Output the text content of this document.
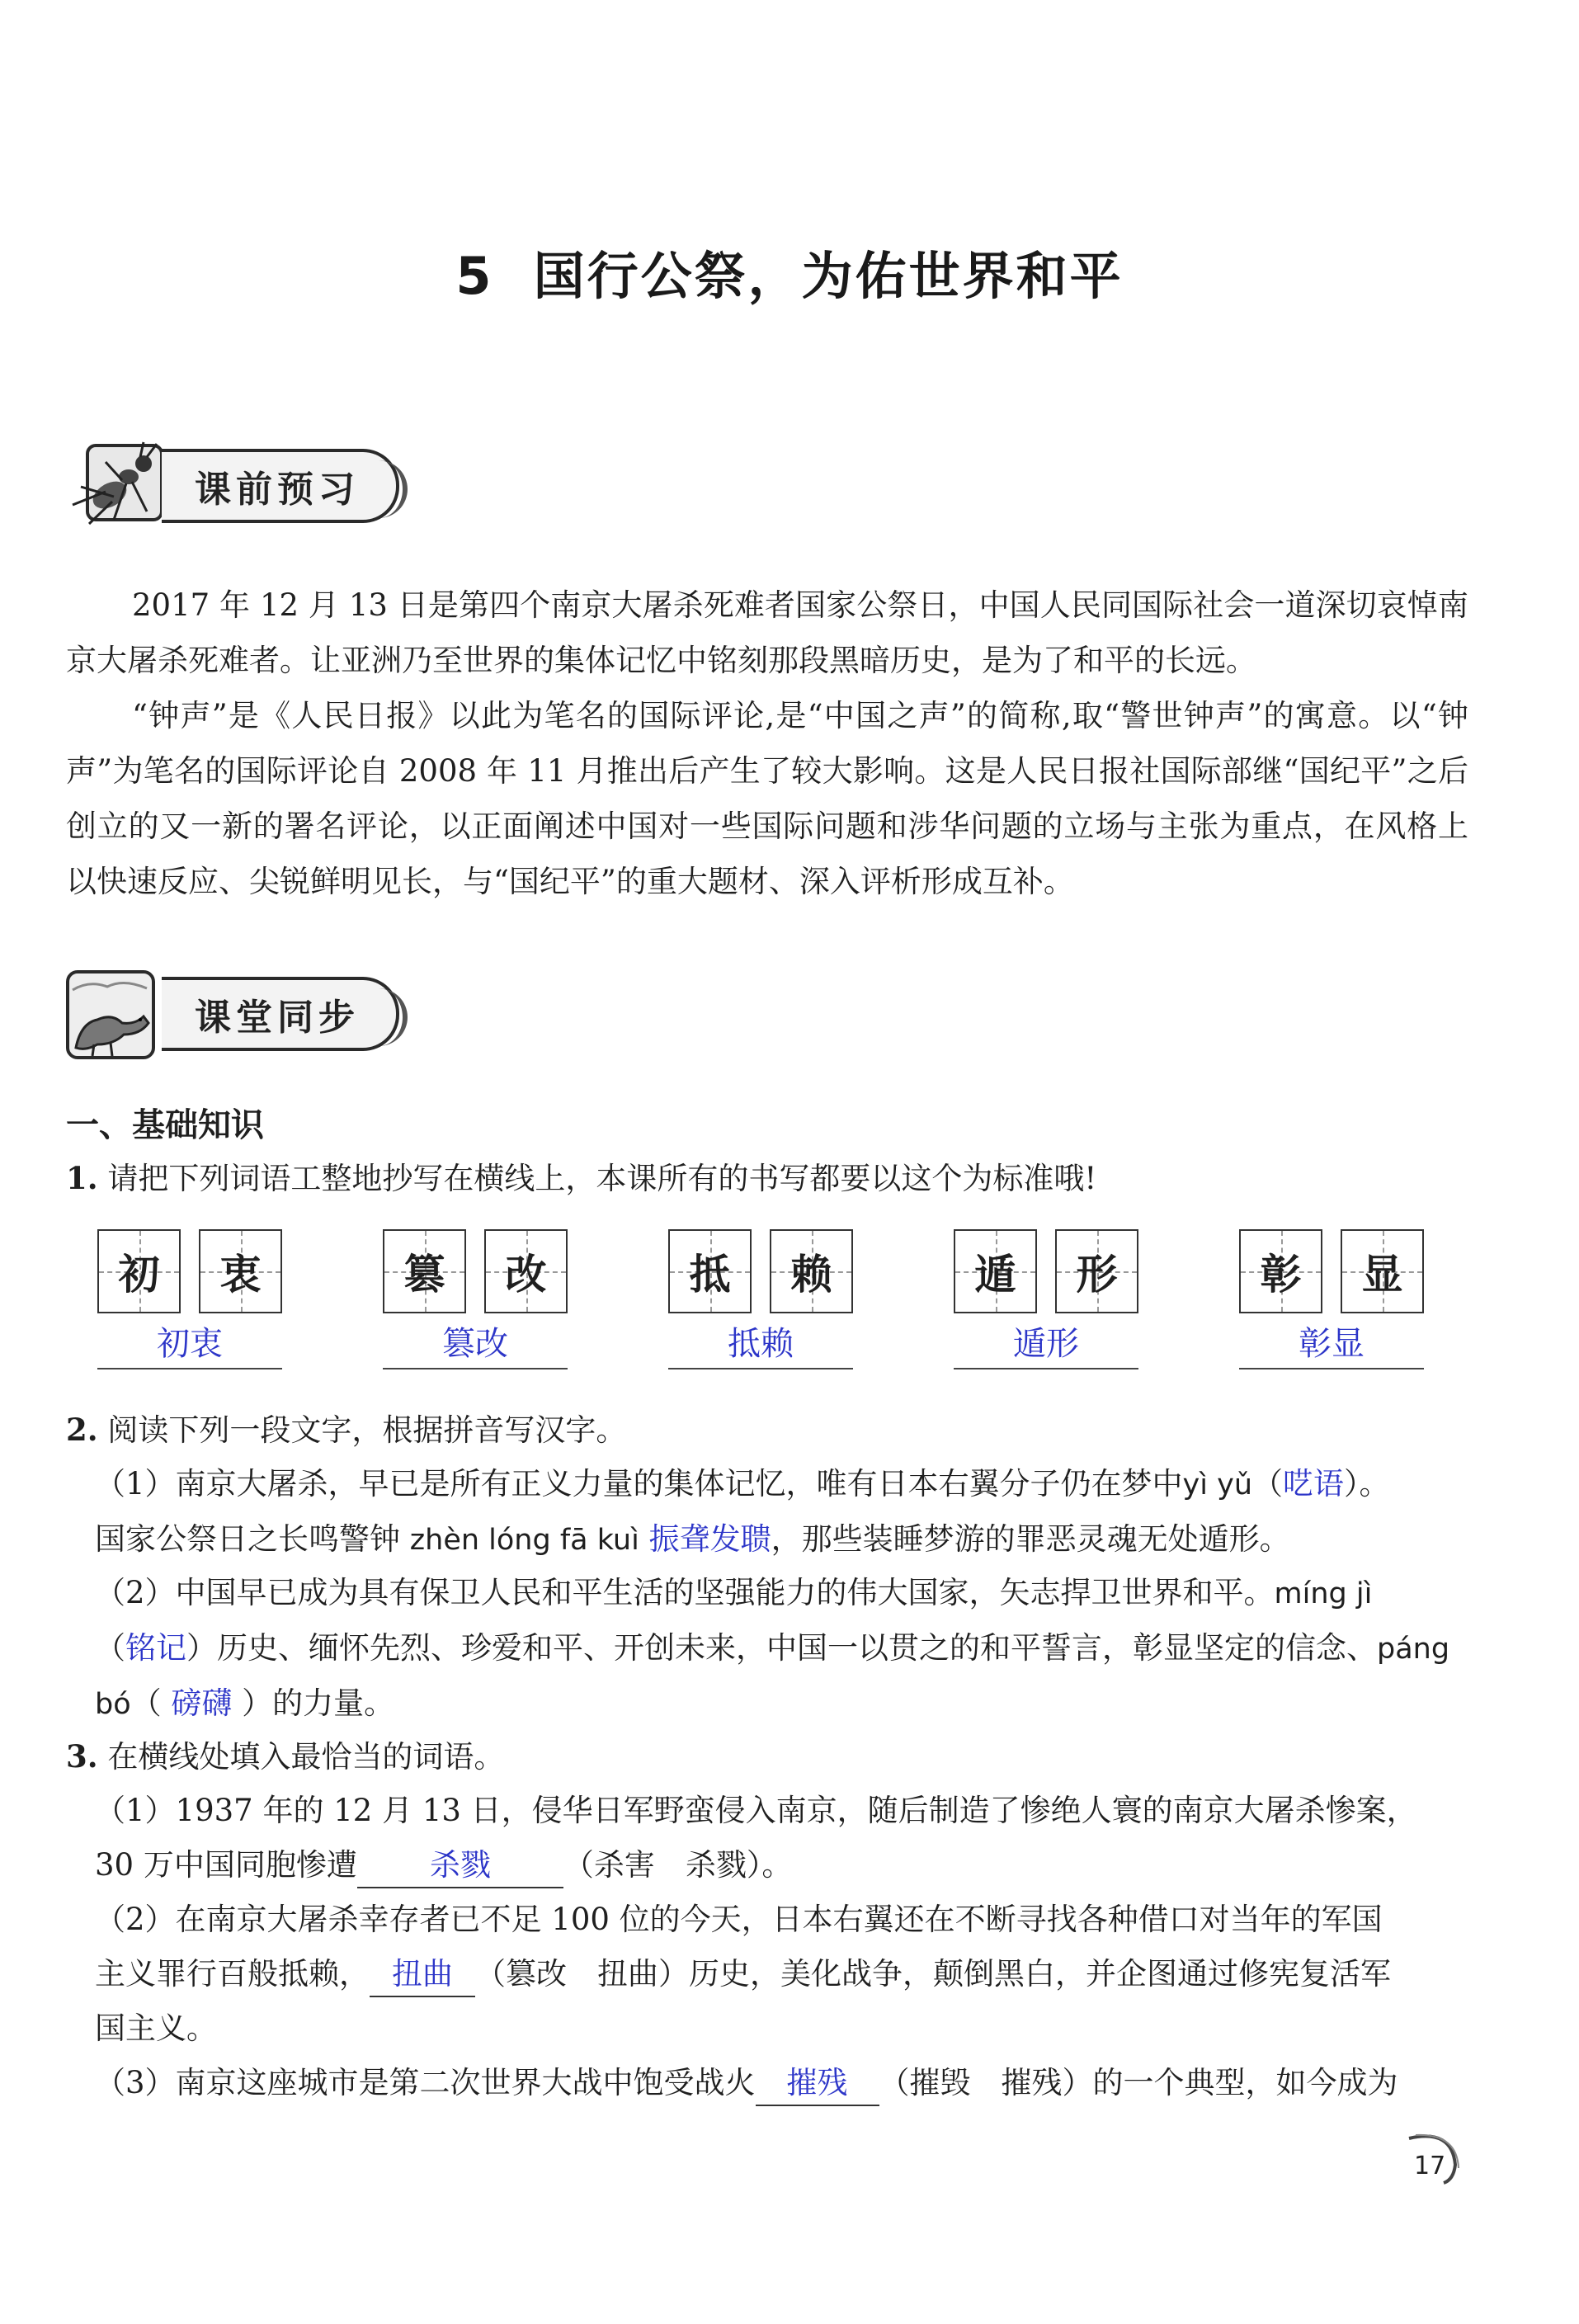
5 国行公祭，为佑世界和平
课前预习

2017 年 12 月 13 日是第四个南京大屠杀死难者国家公祭日，中国人民同国际社会一道深切哀悼南京大屠杀死难者。让亚洲乃至世界的集体记忆中铭刻那段黑暗历史，是为了和平的长远。

“钟声”是《人民日报》以此为笔名的国际评论,是“中国之声”的简称,取“警世钟声”的寓意。以“钟声”为笔名的国际评论自 2008 年 11 月推出后产生了较大影响。这是人民日报社国际部继“国纪平”之后创立的又一新的署名评论，以正面阐述中国对一些国际问题和涉华问题的立场与主张为重点，在风格上以快速反应、尖锐鲜明见长，与“国纪平”的重大题材、深入评析形成互补。

课堂同步
一、基础知识
1. 请把下列词语工整地抄写在横线上，本课所有的书写都要以这个为标准哦!
初 衷
初衷
篡 改
篡改
抵 赖
抵赖
遁 形
遁形
彰 显
彰显
2. 阅读下列一段文字，根据拼音写汉字。
（1）南京大屠杀，早已是所有正义力量的集体记忆，唯有日本右翼分子仍在梦中yì yǔ（呓语）。
国家公祭日之长鸣警钟 zhèn lóng fā kuì 振聋发聩，那些装睡梦游的罪恶灵魂无处遁形。
（2）中国早已成为具有保卫人民和平生活的坚强能力的伟大国家，矢志捍卫世界和平。míng jì
（铭记）历史、缅怀先烈、珍爱和平、开创未来，中国一以贯之的和平誓言，彰显坚定的信念、páng
bó（ 磅礴 ）的力量。
3. 在横线处填入最恰当的词语。
（1）1937 年的 12 月 13 日，侵华日军野蛮侵入南京，随后制造了惨绝人寰的南京大屠杀惨案，
30 万中国同胞惨遭 杀戮 （杀害　杀戮）。
（2）在南京大屠杀幸存者已不足 100 位的今天，日本右翼还在不断寻找各种借口对当年的军国
主义罪行百般抵赖， 扭曲 （篡改　扭曲）历史，美化战争，颠倒黑白，并企图通过修宪复活军
国主义。
（3）南京这座城市是第二次世界大战中饱受战火 摧残 （摧毁　摧残）的一个典型，如今成为
17
